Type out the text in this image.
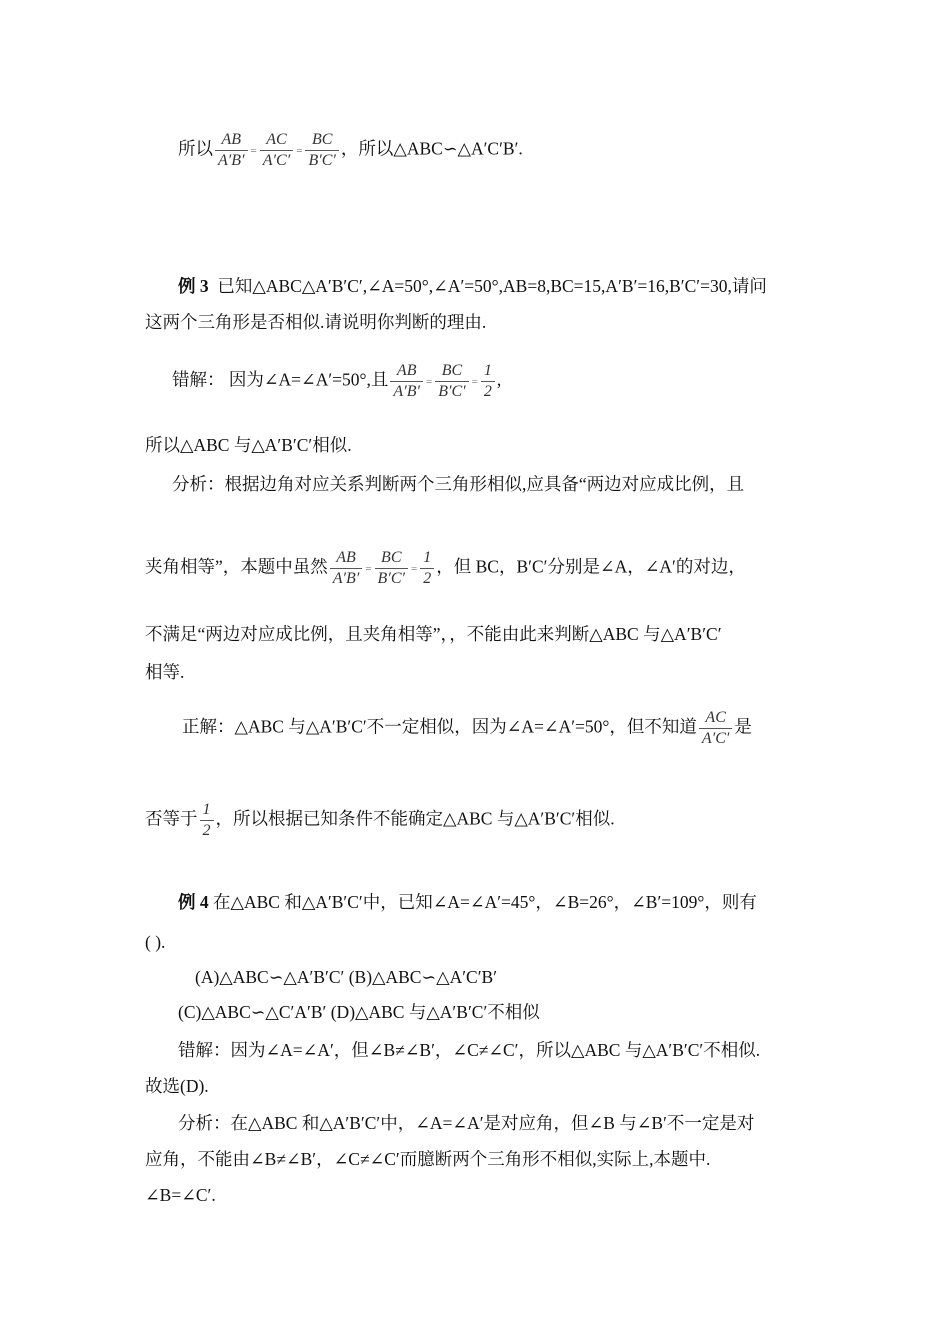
所以 $\frac{AB}{A'B'} = \frac{AC}{A'C'} = \frac{BC}{B'C'}$ ，所以△ABC∽△A′C′B′.
例 3 已知△ABC△A′B′C′,∠A=50°,∠A′=50°,AB=8,BC=15,A′B′=16,B′C′=30,请问
这两个三角形是否相似.请说明你判断的理由.
错解： 因为∠A=∠A′=50°,且 $\frac{AB}{A'B'} = \frac{BC}{B'C'} = \frac{1}{2}$ ,
所以△ABC 与△A′B′C′相似.
分析：根据边角对应关系判断两个三角形相似,应具备“两边对应成比例，且
夹角相等”，本题中虽然 $\frac{AB}{A'B'} = \frac{BC}{B'C'} = \frac{1}{2}$ ，但 BC，B′C′分别是∠A，∠A′的对边，
不满足“两边对应成比例，且夹角相等”，，不能由此来判断△ABC 与△A′B′C′
相等.
正解：△ABC 与△A′B′C′不一定相似，因为∠A=∠A′=50°，但不知道 $\frac{AC}{A'C'}$ 是
否等于 $\frac{1}{2}$ ，所以根据已知条件不能确定△ABC 与△A′B′C′相似.
例 4 在△ABC 和△A′B′C′中，已知∠A=∠A′=45°，∠B=26°，∠B′=109°，则有
( ).
(A)△ABC∽△A′B′C′ (B)△ABC∽△A′C′B′
(C)△ABC∽△C′A′B′ (D)△ABC 与△A′B′C′不相似
错解：因为∠A=∠A′，但∠B≠∠B′，∠C≠∠C′，所以△ABC 与△A′B′C′不相似.
故选(D).
分析：在△ABC 和△A′B′C′中，∠A=∠A′是对应角，但∠B 与∠B′不一定是对
应角，不能由∠B≠∠B′，∠C≠∠C′而臆断两个三角形不相似,实际上,本题中.
∠B=∠C′.
